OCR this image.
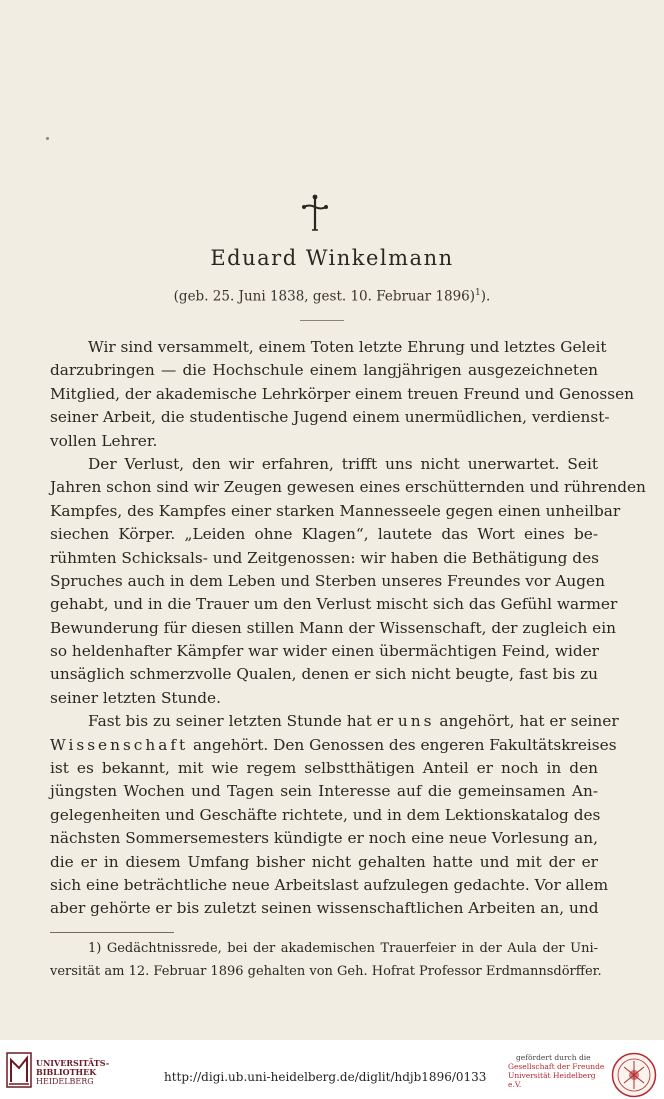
Eduard Winkelmann
(geb. 25. Juni 1838, gest. 10. Februar 1896)$^1$).
Wir sind versammelt, einem Toten letzte Ehrung und letztes Geleit
darzubringen — die Hochschule einem langjährigen ausgezeichneten
Mitglied, der akademische Lehrkörper einem treuen Freund und Genossen
seiner Arbeit, die studentische Jugend einem unermüdlichen, verdienst-
vollen Lehrer.
Der Verlust, den wir erfahren, trifft uns nicht unerwartet. Seit
Jahren schon sind wir Zeugen gewesen eines erschütternden und rührenden
Kampfes, des Kampfes einer starken Mannesseele gegen einen unheilbar
siechen Körper. „Leiden ohne Klagen“, lautete das Wort eines be-
rühmten Schicksals- und Zeitgenossen: wir haben die Bethätigung des
Spruches auch in dem Leben und Sterben unseres Freundes vor Augen
gehabt, und in die Trauer um den Verlust mischt sich das Gefühl warmer
Bewunderung für diesen stillen Mann der Wissenschaft, der zugleich ein
so heldenhafter Kämpfer war wider einen übermächtigen Feind, wider
unsäglich schmerzvolle Qualen, denen er sich nicht beugte, fast bis zu
seiner letzten Stunde.
Fast bis zu seiner letzten Stunde hat er uns angehört, hat er seiner
Wissenschaft angehört. Den Genossen des engeren Fakultätskreises
ist es bekannt, mit wie regem selbstthätigen Anteil er noch in den
jüngsten Wochen und Tagen sein Interesse auf die gemeinsamen An-
gelegenheiten und Geschäfte richtete, und in dem Lektionskatalog des
nächsten Sommersemesters kündigte er noch eine neue Vorlesung an,
die er in diesem Umfang bisher nicht gehalten hatte und mit der er
sich eine beträchtliche neue Arbeitslast aufzulegen gedachte. Vor allem
aber gehörte er bis zuletzt seinen wissenschaftlichen Arbeiten an, und
1) Gedächtnissrede, bei der akademischen Trauerfeier in der Aula der Uni-
versität am 12. Februar 1896 gehalten von Geh. Hofrat Professor Erdmannsdörffer.
UNIVERSITÄTS-
BIBLIOTHEK
HEIDELBERG	http://digi.ub.uni-heidelberg.de/diglit/hdjb1896/0133
gefördert durch die
Gesellschaft der Freunde
Universität Heidelberg e.V.
